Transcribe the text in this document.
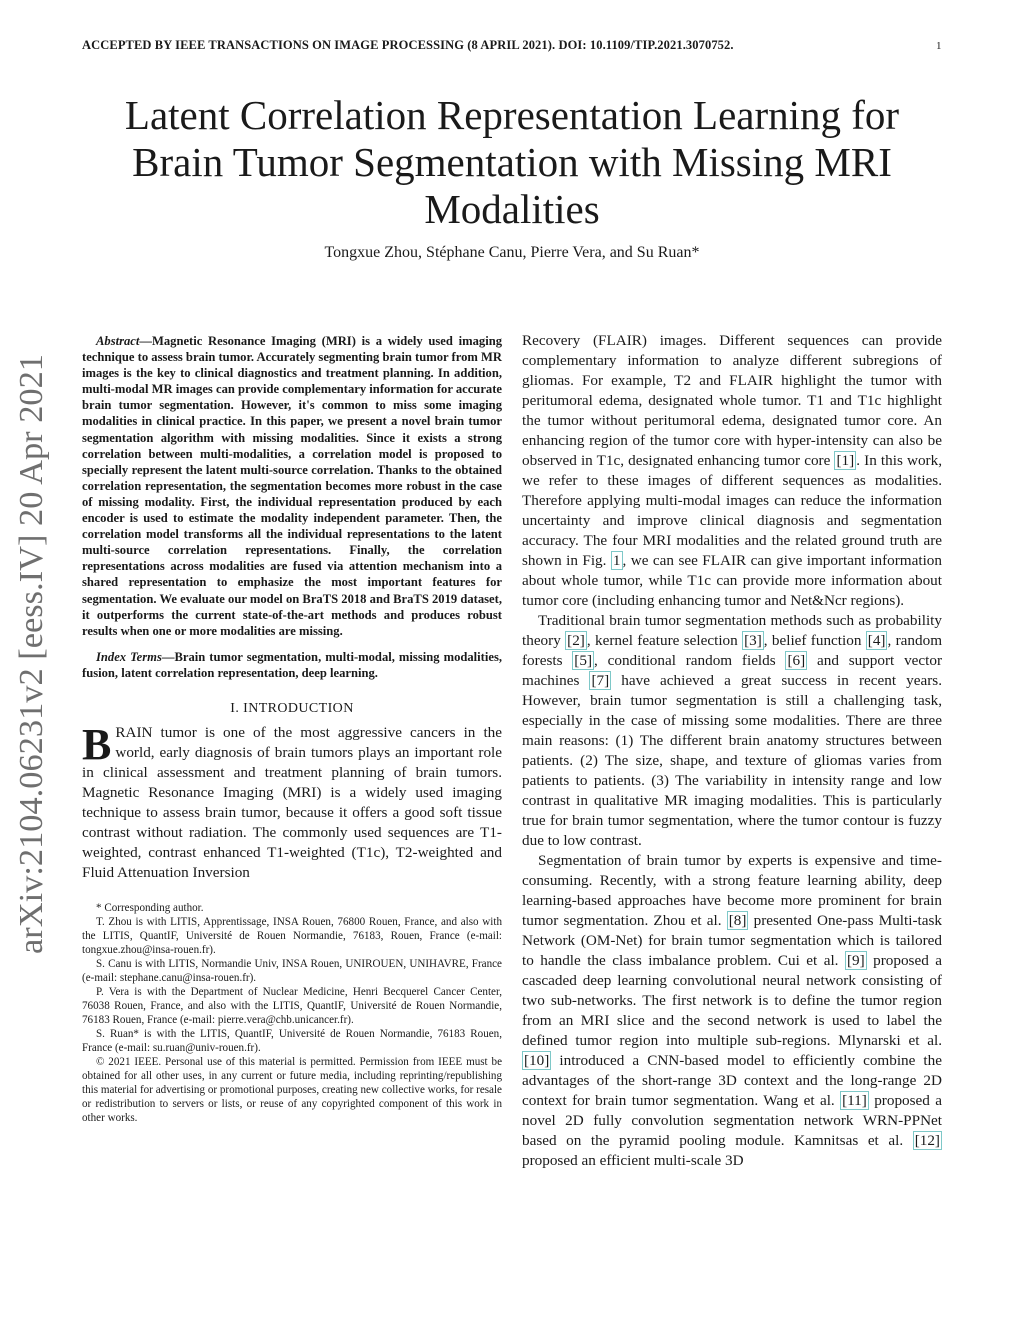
ACCEPTED BY IEEE TRANSACTIONS ON IMAGE PROCESSING (8 APRIL 2021). DOI: 10.1109/TIP.2021.3070752.	1
Latent Correlation Representation Learning for Brain Tumor Segmentation with Missing MRI Modalities
Tongxue Zhou, Stéphane Canu, Pierre Vera, and Su Ruan*
arXiv:2104.06231v2 [eess.IV] 20 Apr 2021

Abstract—Magnetic Resonance Imaging (MRI) is a widely used imaging technique to assess brain tumor. Accurately segmenting brain tumor from MR images is the key to clinical diagnostics and treatment planning. In addition, multi-modal MR images can provide complementary information for accurate brain tumor segmentation. However, it's common to miss some imaging modalities in clinical practice. In this paper, we present a novel brain tumor segmentation algorithm with missing modalities. Since it exists a strong correlation between multi-modalities, a correlation model is proposed to specially represent the latent multi-source correlation. Thanks to the obtained correlation representation, the segmentation becomes more robust in the case of missing modality. First, the individual representation produced by each encoder is used to estimate the modality independent parameter. Then, the correlation model transforms all the individual representations to the latent multi-source correlation representations. Finally, the correlation representations across modalities are fused via attention mechanism into a shared representation to emphasize the most important features for segmentation. We evaluate our model on BraTS 2018 and BraTS 2019 dataset, it outperforms the current state-of-the-art methods and produces robust results when one or more modalities are missing.

Index Terms—Brain tumor segmentation, multi-modal, missing modalities, fusion, latent correlation representation, deep learning.

I. INTRODUCTION

BRAIN tumor is one of the most aggressive cancers in the world, early diagnosis of brain tumors plays an important role in clinical assessment and treatment planning of brain tumors. Magnetic Resonance Imaging (MRI) is a widely used imaging technique to assess brain tumor, because it offers a good soft tissue contrast without radiation. The commonly used sequences are T1-weighted, contrast enhanced T1-weighted (T1c), T2-weighted and Fluid Attenuation Inversion

* Corresponding author.

T. Zhou is with LITIS, Apprentissage, INSA Rouen, 76800 Rouen, France, and also with the LITIS, QuantIF, Université de Rouen Normandie, 76183, Rouen, France (e-mail: tongxue.zhou@insa-rouen.fr).

S. Canu is with LITIS, Normandie Univ, INSA Rouen, UNIROUEN, UNIHAVRE, France (e-mail: stephane.canu@insa-rouen.fr).

P. Vera is with the Department of Nuclear Medicine, Henri Becquerel Cancer Center, 76038 Rouen, France, and also with the LITIS, QuantIF, Université de Rouen Normandie, 76183 Rouen, France (e-mail: pierre.vera@chb.unicancer.fr).

S. Ruan* is with the LITIS, QuantIF, Université de Rouen Normandie, 76183 Rouen, France (e-mail: su.ruan@univ-rouen.fr).

© 2021 IEEE. Personal use of this material is permitted. Permission from IEEE must be obtained for all other uses, in any current or future media, including reprinting/republishing this material for advertising or promotional purposes, creating new collective works, for resale or redistribution to servers or lists, or reuse of any copyrighted component of this work in other works.

Recovery (FLAIR) images. Different sequences can provide complementary information to analyze different subregions of gliomas. For example, T2 and FLAIR highlight the tumor with peritumoral edema, designated whole tumor. T1 and T1c highlight the tumor without peritumoral edema, designated tumor core. An enhancing region of the tumor core with hyper-intensity can also be observed in T1c, designated enhancing tumor core [1] . In this work, we refer to these images of different sequences as modalities. Therefore applying multi-modal images can reduce the information uncertainty and improve clinical diagnosis and segmentation accuracy. The four MRI modalities and the related ground truth are shown in Fig. 1 , we can see FLAIR can give important information about whole tumor, while T1c can provide more information about tumor core (including enhancing tumor and Net&Ncr regions).

Traditional brain tumor segmentation methods such as probability theory [2] , kernel feature selection [3] , belief function [4] , random forests [5] , conditional random fields [6] and support vector machines [7] have achieved a great success in recent years. However, brain tumor segmentation is still a challenging task, especially in the case of missing some modalities. There are three main reasons: (1) The different brain anatomy structures between patients. (2) The size, shape, and texture of gliomas varies from patients to patients. (3) The variability in intensity range and low contrast in qualitative MR imaging modalities. This is particularly true for brain tumor segmentation, where the tumor contour is fuzzy due to low contrast.

Segmentation of brain tumor by experts is expensive and time-consuming. Recently, with a strong feature learning ability, deep learning-based approaches have become more prominent for brain tumor segmentation. Zhou et al. [8] presented One-pass Multi-task Network (OM-Net) for brain tumor segmentation which is tailored to handle the class imbalance problem. Cui et al. [9] proposed a cascaded deep learning convolutional neural network consisting of two sub-networks. The first network is to define the tumor region from an MRI slice and the second network is used to label the defined tumor region into multiple sub-regions. Mlynarski et al. [10] introduced a CNN-based model to efficiently combine the advantages of the short-range 3D context and the long-range 2D context for brain tumor segmentation. Wang et al. [11] proposed a novel 2D fully convolution segmentation network WRN-PPNet based on the pyramid pooling module. Kamnitsas et al. [12] proposed an efficient multi-scale 3D
